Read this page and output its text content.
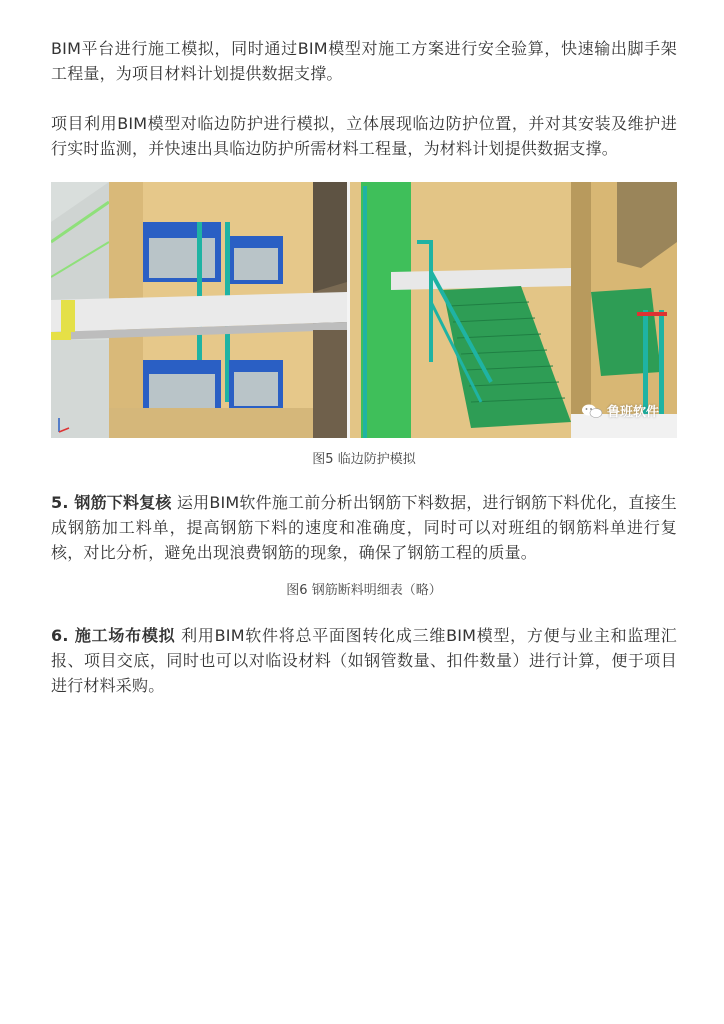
BIM平台进行施工模拟，同时通过BIM模型对施工方案进行安全验算，快速输出脚手架工程量，为项目材料计划提供数据支撑。

项目利用BIM模型对临边防护进行模拟，立体展现临边防护位置，并对其安装及维护进行实时监测，并快速出具临边防护所需材料工程量，为材料计划提供数据支撑。

鲁班软件
图5 临边防护模拟

5. 钢筋下料复核 运用BIM软件施工前分析出钢筋下料数据，进行钢筋下料优化，直接生成钢筋加工料单，提高钢筋下料的速度和准确度，同时可以对班组的钢筋料单进行复核，对比分析，避免出现浪费钢筋的现象，确保了钢筋工程的质量。

图6 钢筋断料明细表（略）

6. 施工场布模拟 利用BIM软件将总平面图转化成三维BIM模型，方便与业主和监理汇报、项目交底，同时也可以对临设材料（如钢管数量、扣件数量）进行计算，便于项目进行材料采购。
